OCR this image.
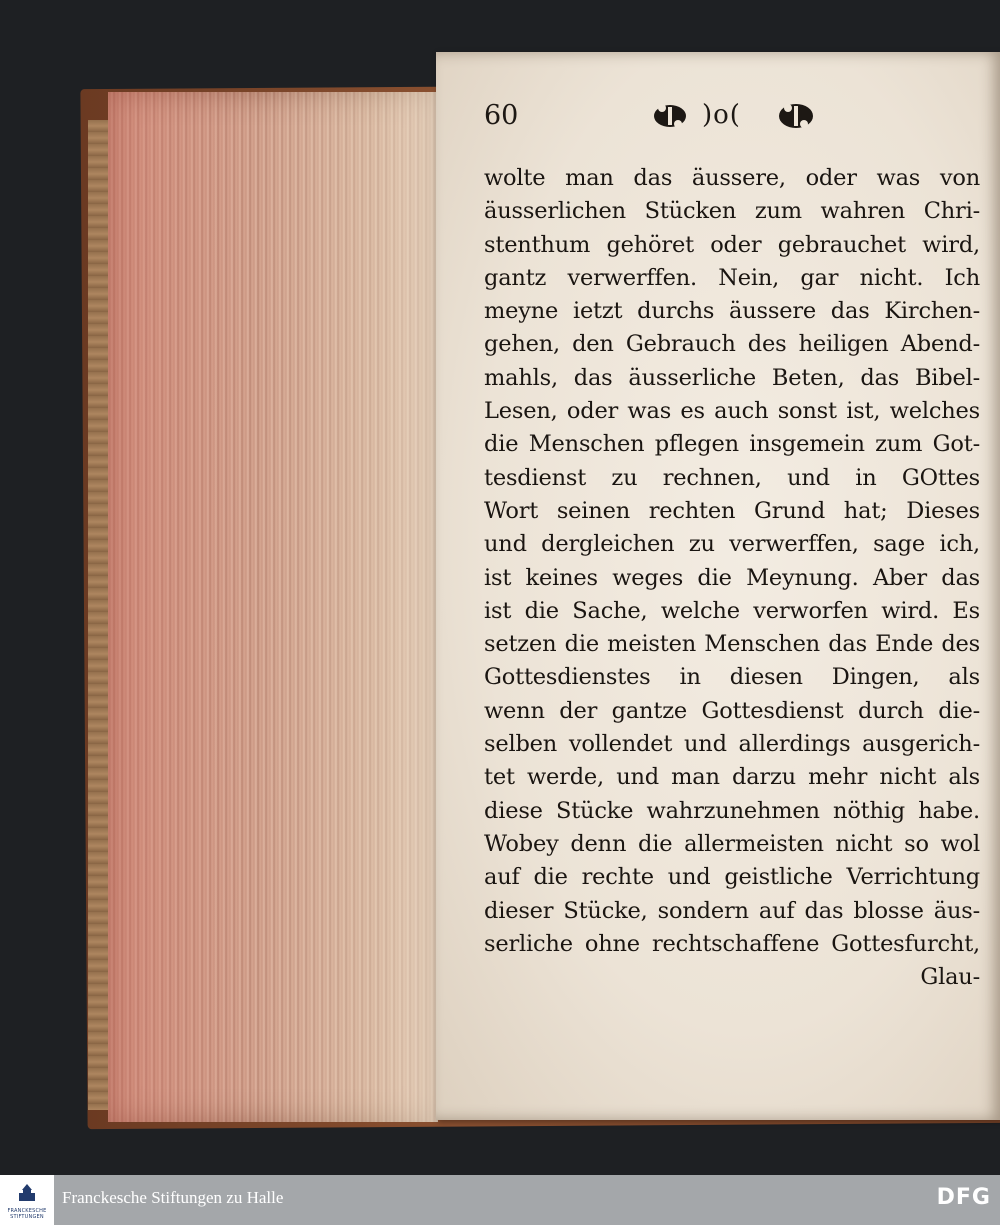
60	)o(
wolte man das äussere, oder was von
äusserlichen Stücken zum wahren Chri-
stenthum gehöret oder gebrauchet wird,
gantz verwerffen. Nein, gar nicht. Ich
meyne ietzt durchs äussere das Kirchen-
gehen, den Gebrauch des heiligen Abend-
mahls, das äusserliche Beten, das Bibel-
Lesen, oder was es auch sonst ist, welches
die Menschen pflegen insgemein zum Got-
tesdienst zu rechnen, und in GOttes
Wort seinen rechten Grund hat; Dieses
und dergleichen zu verwerffen, sage ich,
ist keines weges die Meynung. Aber das
ist die Sache, welche verworfen wird. Es
setzen die meisten Menschen das Ende des
Gottesdienstes in diesen Dingen, als
wenn der gantze Gottesdienst durch die-
selben vollendet und allerdings ausgerich-
tet werde, und man darzu mehr nicht als
diese Stücke wahrzunehmen nöthig habe.
Wobey denn die allermeisten nicht so wol
auf die rechte und geistliche Verrichtung
dieser Stücke, sondern auf das blosse äus-
serliche ohne rechtschaffene Gottesfurcht,
Glau-
FRANCKESCHE STIFTUNGEN
Franckesche Stiftungen zu Halle	DFG
